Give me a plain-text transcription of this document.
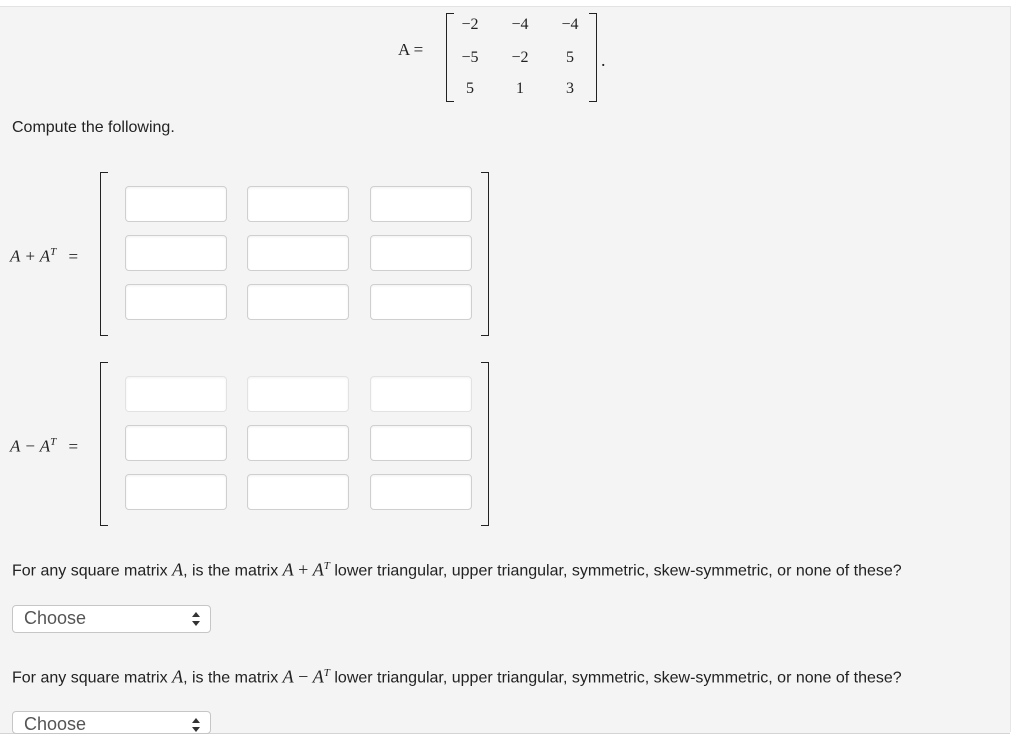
A =
−2	−4	−4
−5	−2	5
5	1	3
.
Compute the following.
$A + A^T$ =
$A - A^T$ =
For any square matrix A, is the matrix $A + A^T$ lower triangular, upper triangular, symmetric, skew-symmetric, or none of these?
Choose
For any square matrix A, is the matrix $A - A^T$ lower triangular, upper triangular, symmetric, skew-symmetric, or none of these?
Choose
